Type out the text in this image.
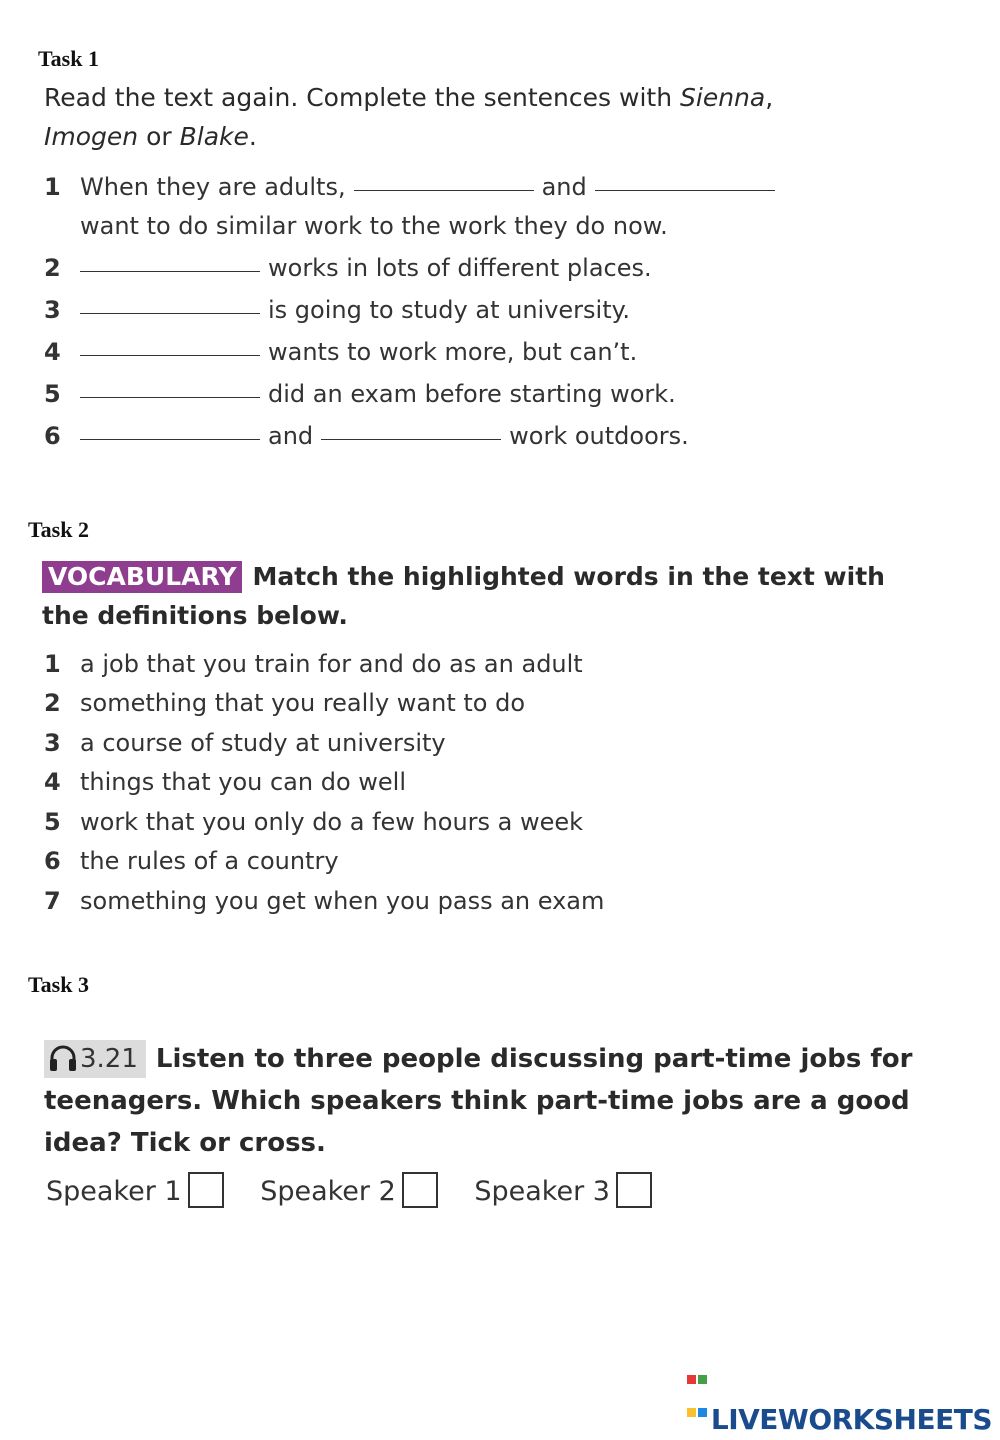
Task 1
Read the text again. Complete the sentences with Sienna,
Imogen or Blake.
1 When they are adults,	and
want to do similar work to the work they do now.
2	works in lots of different places.
3	is going to study at university.
4	wants to work more, but can’t.
5	did an exam before starting work.
6	and	work outdoors.
Task 2
VOCABULARY Match the highlighted words in the text with
the definitions below.
1 a job that you train for and do as an adult
2 something that you really want to do
3 a course of study at university
4 things that you can do well
5 work that you only do a few hours a week
6 the rules of a country
7 something you get when you pass an exam
Task 3
3.21 Listen to three people discussing part-time jobs for
teenagers. Which speakers think part-time jobs are a good
idea? Tick or cross.
Speaker 1	Speaker 2	Speaker 3

LIVEWORKSHEETS
